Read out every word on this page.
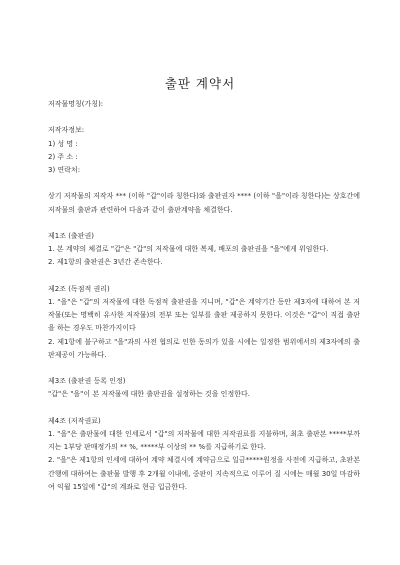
출판 계약서

저작물명칭(가칭):

저작자정보:

1) 성 명 :

2) 주 소 :

3) 연락처:

상기 저작물의 저작자 *** (이하 "갑"이라 칭한다)와 출판권자 **** (이하 "을"이라 칭한다)는 상호간에 저작물의 출판과 관련하여 다음과 같이 출판계약을 체결한다.

제1조 (출판권)

1. 본 계약의 체결로 "갑"은 "갑"의 저작물에 대한 복제, 배포의 출판권을 "을"에게 위임한다.

2. 제1항의 출판권은 3년간 존속한다.

제2조 (독점적 권리)

1. "을"은 "갑"의 저작물에 대한 독점적 출판권을 지니며, "갑"은 계약기간 동안 제3자에 대하여 본 저작물(또는 명백히 유사한 저작물)의 전부 또는 일부를 출판 제공하지 못한다. 이것은 "갑"이 직접 출판을 하는 경우도 마찬가지이다

2. 제1항에 불구하고 "을"과의 사전 협의로 인한 동의가 있을 시에는 일정한 범위에서의 제3자에의 출판제공이 가능하다.

제3조 (출판권 등록 인정)

"갑"은 "을"이 본 저작물에 대한 출판권을 설정하는 것을 인정한다.

제4조 (저작권료)

1. "을"은 출판물에 대한 인세로서 "갑"의 저작물에 대한 저작권료를 지불하며, 최초 출판본 *****부까지는 1부당 판매정가의 ** %, *****부 이상의 ** %를 지급하기로 한다.

2. "을"은 제1항의 인세에 대하여 계약 체결시에 계약금으로 일금*****원정을 사전에 지급하고, 초판본 간행에 대하여는 출판물 발행 후 2개월 이내에, 중판이 지속적으로 이루어 질 시에는 매월 30일 마감하여 익월 15일에 "갑"의 계좌로 현금 입금한다.
